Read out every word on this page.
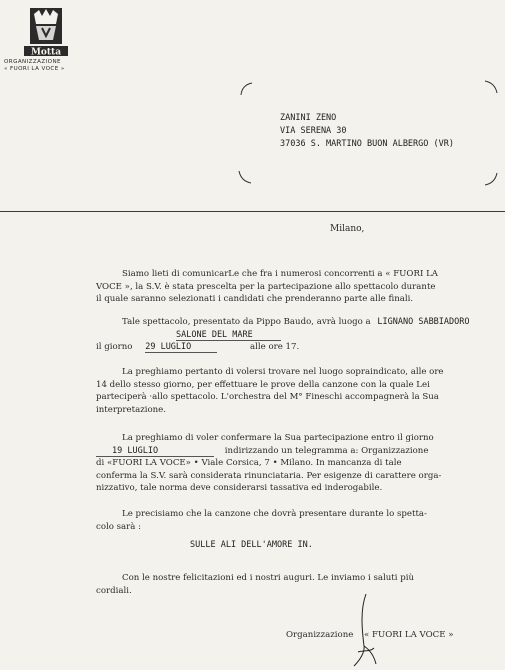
Motta
ORGANIZZAZIONE
« FUORI LA VOCE »
ZANINI ZENO
VIA SERENA 30
37036 S. MARTINO BUON ALBERGO (VR)
Milano,
Siamo lieti di comunicarLe che fra i numerosi concorrenti a « FUORI LA
VOCE », la S.V. è stata prescelta per la partecipazione allo spettacolo durante
il quale saranno selezionati i candidati che prenderanno parte alle finali.
Tale spettacolo, presentato da Pippo Baudo, avrà luogo a LIGNANO SABBIADORO
SALONE DEL MARE
il giorno 29 LUGLIO	alle ore 17.
La preghiamo pertanto di volersi trovare nel luogo sopraindicato, alle ore
14 dello stesso giorno, per effettuare le prove della canzone con la quale Lei
parteciperà ·allo spettacolo. L'orchestra del M° Fineschi accompagnerà la Sua
interpretazione.
La preghiamo di voler confermare la Sua partecipazione entro il giorno
19 LUGLIO	indirizzando un telegramma a: Organizzazione
di «FUORI LA VOCE» • Viale Corsica, 7 • Milano. In mancanza di tale
conferma la S.V. sarà considerata rinunciataria. Per esigenze di carattere orga-
nizzativo, tale norma deve considerarsi tassativa ed inderogabile.
Le precisiamo che la canzone che dovrà presentare durante lo spetta-
colo sarà :
SULLE ALI DELL'AMORE IN.
Con le nostre felicitazioni ed i nostri auguri. Le inviamo i saluti più
cordiali.
Organizzazione « FUORI LA VOCE »
